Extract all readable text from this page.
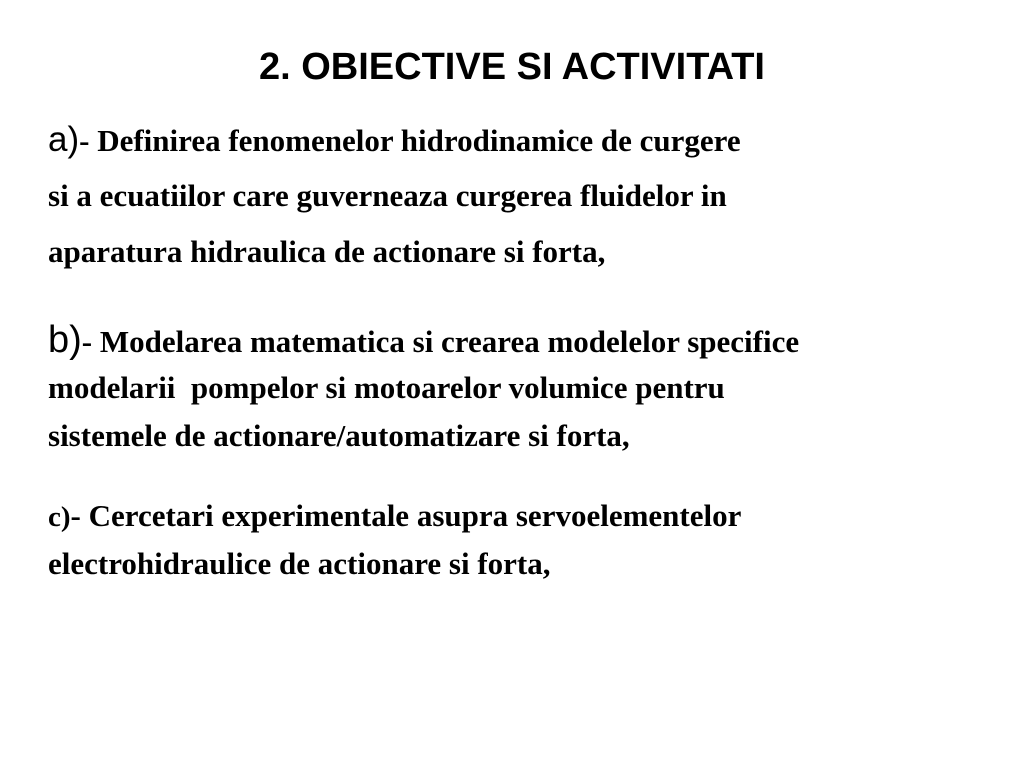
2. OBIECTIVE SI ACTIVITATI
a)- Definirea fenomenelor hidrodinamice de curgere
si a ecuatiilor care guverneaza curgerea fluidelor in
aparatura hidraulica de actionare si forta,
b)- Modelarea matematica si crearea modelelor specifice
modelarii  pompelor si motoarelor volumice pentru
sistemele de actionare/automatizare si forta,
c)- Cercetari experimentale asupra servoelementelor
electrohidraulice de actionare si forta,
